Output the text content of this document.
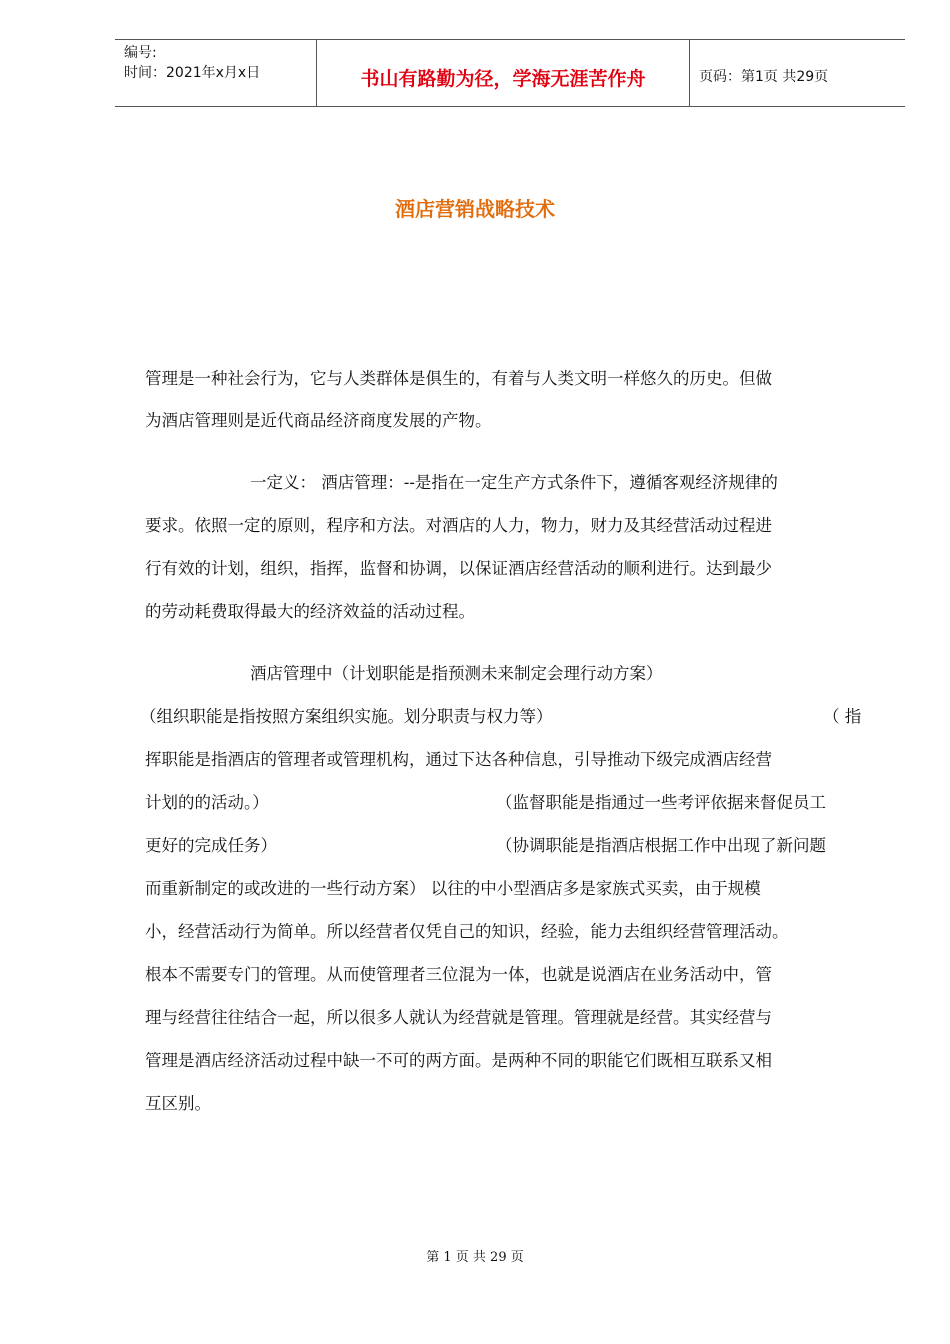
编号:
时间：2021年x月x日	书山有路勤为径，学海无涯苦作舟	页码：第1页 共29页
酒店营销战略技术
管理是一种社会行为，它与人类群体是俱生的，有着与人类文明一样悠久的历史。但做
为酒店管理则是近代商品经济商度发展的产物。
一定义： 酒店管理：--是指在一定生产方式条件下，遵循客观经济规律的
要求。依照一定的原则，程序和方法。对酒店的人力，物力，财力及其经营活动过程进
行有效的计划，组织，指挥，监督和协调，以保证酒店经营活动的顺利进行。达到最少
的劳动耗费取得最大的经济效益的活动过程。
酒店管理中（计划职能是指预测未来制定会理行动方案）
（组织职能是指按照方案组织实施。划分职责与权力等）	（ 指
挥职能是指酒店的管理者或管理机构，通过下达各种信息，引导推动下级完成酒店经营
计划的的活动。）	（监督职能是指通过一些考评依据来督促员工
更好的完成任务）	（协调职能是指酒店根据工作中出现了新问题
而重新制定的或改进的一些行动方案） 以往的中小型酒店多是家族式买卖，由于规模
小，经营活动行为简单。所以经营者仅凭自己的知识，经验，能力去组织经营管理活动。
根本不需要专门的管理。从而使管理者三位混为一体，也就是说酒店在业务活动中，管
理与经营往往结合一起，所以很多人就认为经营就是管理。管理就是经营。其实经营与
管理是酒店经济活动过程中缺一不可的两方面。是两种不同的职能它们既相互联系又相
互区别。
第 1 页 共 29 页
